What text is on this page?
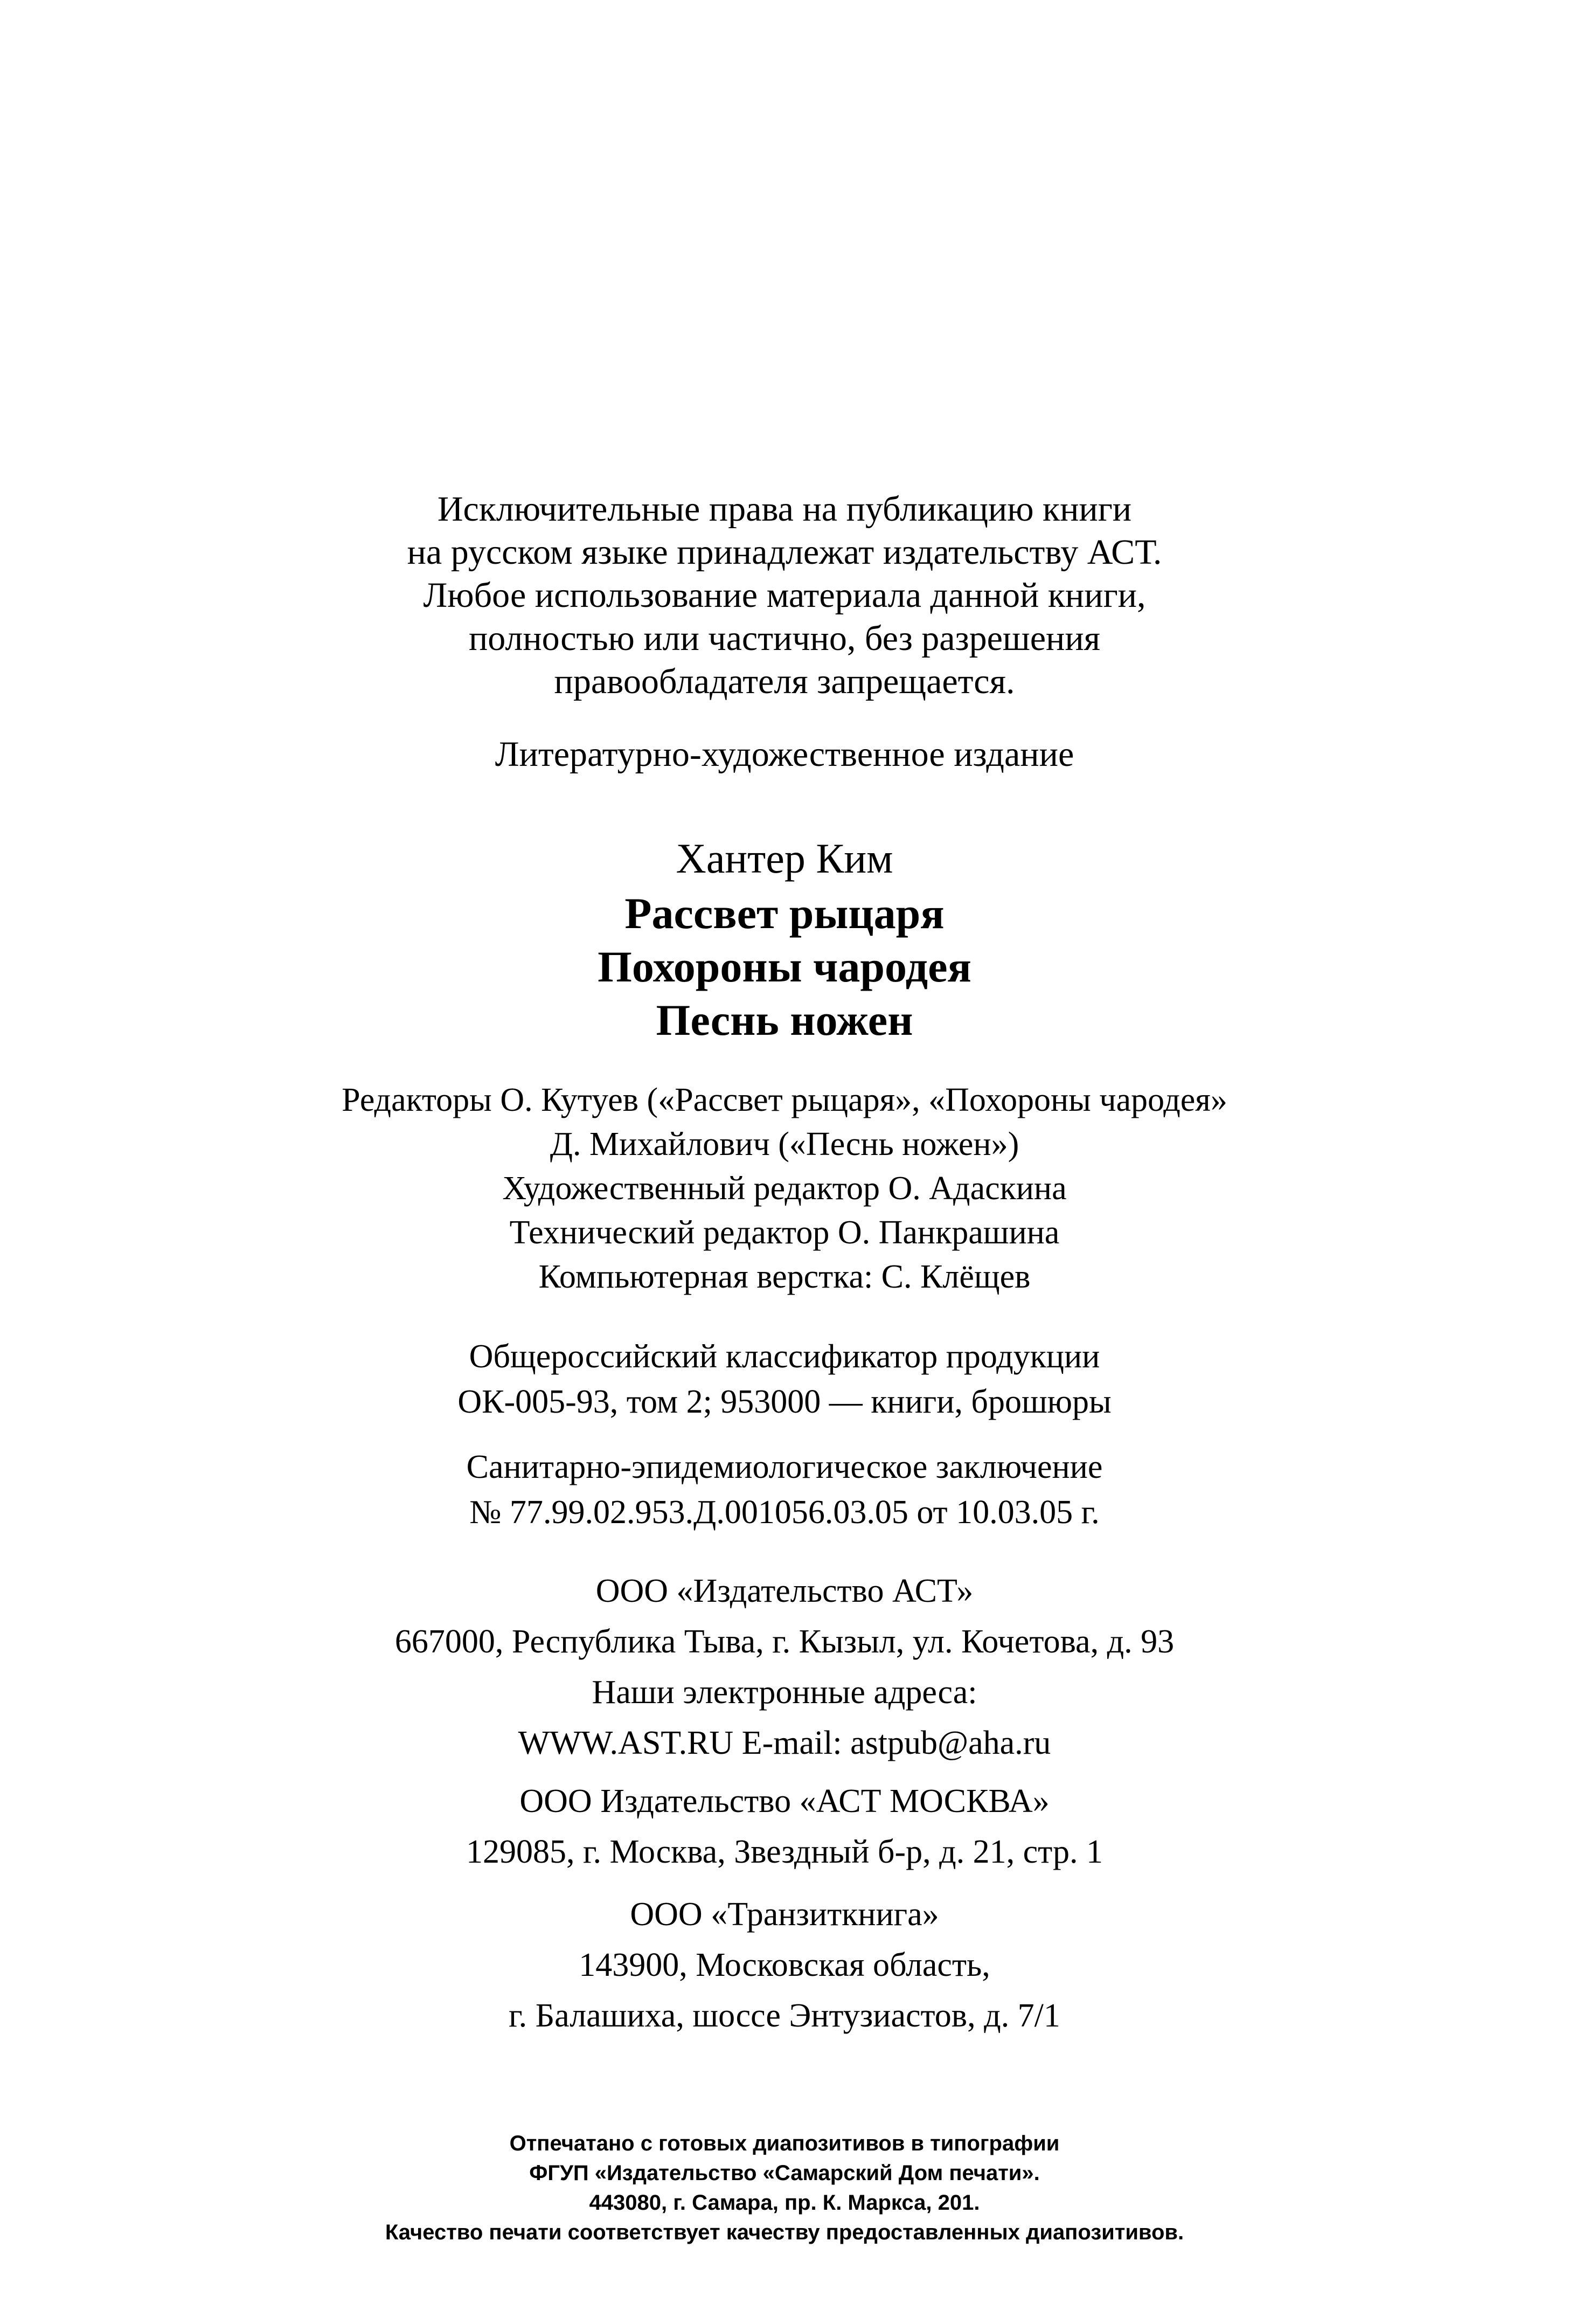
Исключительные права на публикацию книги
на русском языке принадлежат издательству АСТ.
Любое использование материала данной книги,
полностью или частично, без разрешения
правообладателя запрещается.
Литературно-художественное издание
Хантер Ким
Рассвет рыцаря
Похороны чародея
Песнь ножен
Редакторы О. Кутуев («Рассвет рыцаря», «Похороны чародея»
Д. Михайлович («Песнь ножен»)
Художественный редактор О. Адаскина
Технический редактор О. Панкрашина
Компьютерная верстка: С. Клёщев
Общероссийский классификатор продукции
ОК-005-93, том 2; 953000 — книги, брошюры
Санитарно-эпидемиологическое заключение
№ 77.99.02.953.Д.001056.03.05 от 10.03.05 г.
ООО «Издательство АСТ»
667000, Республика Тыва, г. Кызыл, ул. Кочетова, д. 93
Наши электронные адреса:
WWW.AST.RU E-mail: astpub@aha.ru
ООО Издательство «АСТ МОСКВА»
129085, г. Москва, Звездный б-р, д. 21, стр. 1
ООО «Транзиткнига»
143900, Московская область,
г. Балашиха, шоссе Энтузиастов, д. 7/1
Отпечатано с готовых диапозитивов в типографии
ФГУП «Издательство «Самарский Дом печати».
443080, г. Самара, пр. К. Маркса, 201.
Качество печати соответствует качеству предоставленных диапозитивов.
